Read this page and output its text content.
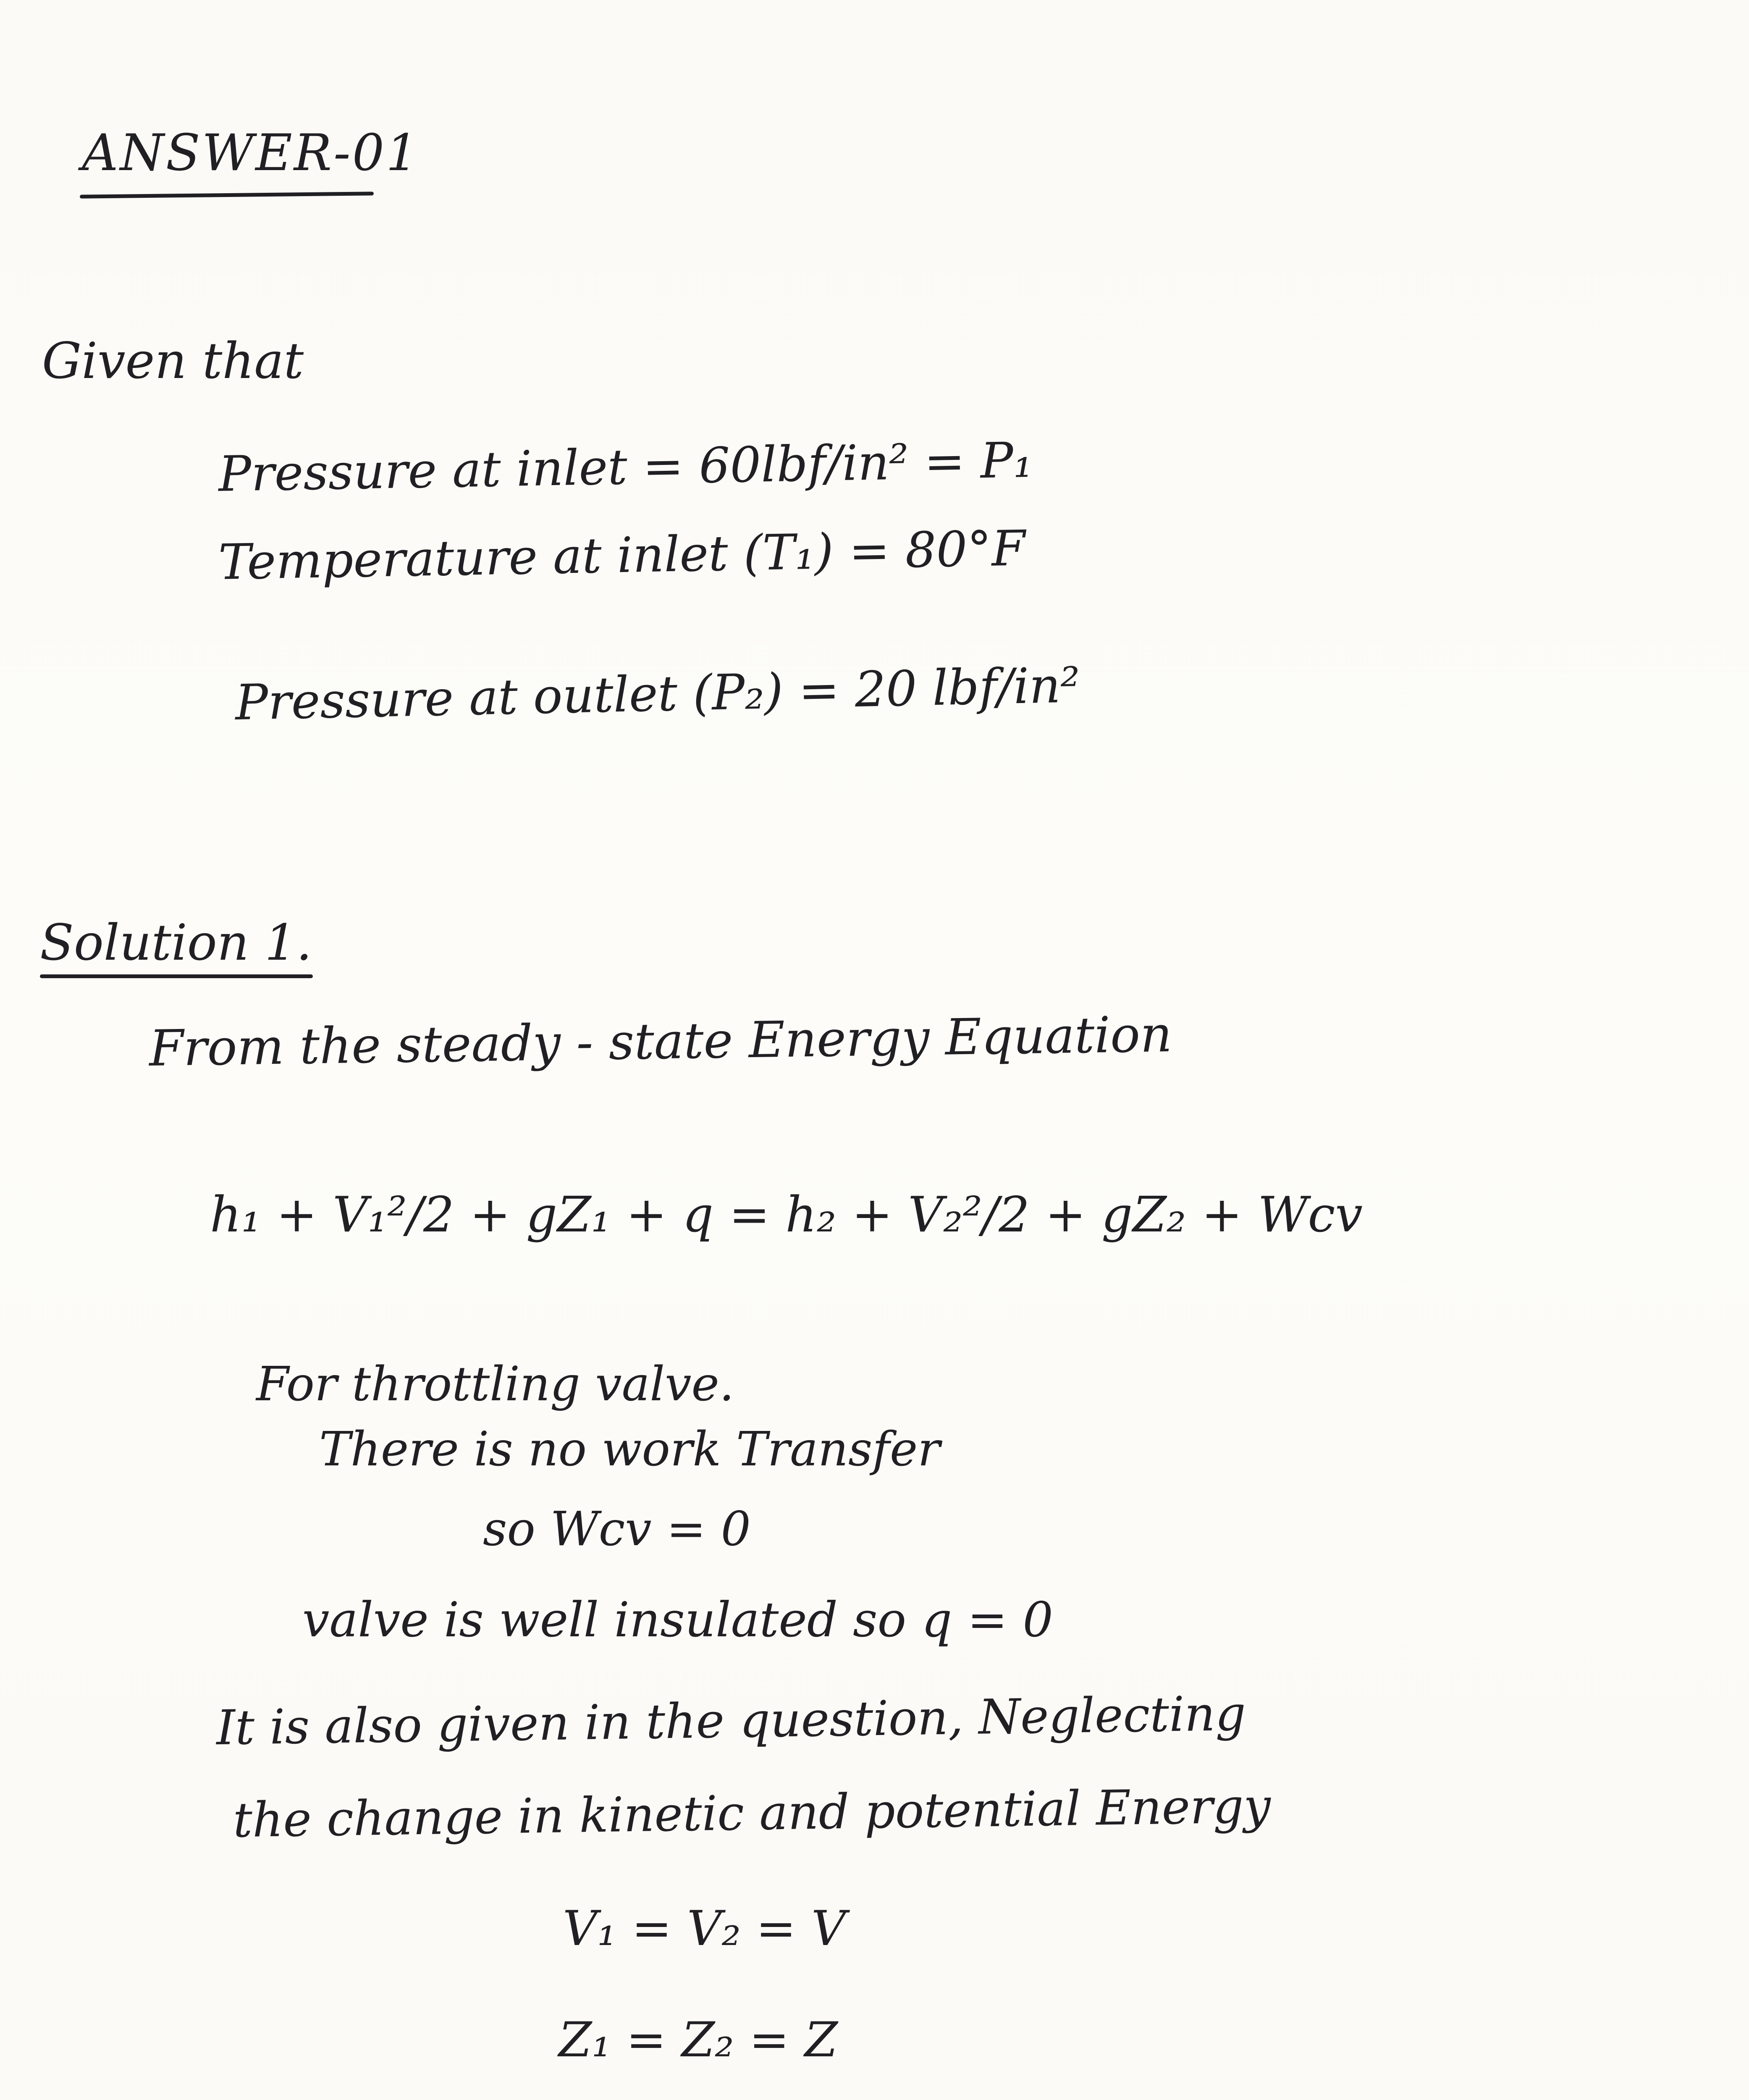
ANSWER-01
Given that
Pressure at inlet = 60lbf/in² = P₁
Temperature at inlet (T₁) = 80°F
Pressure at outlet (P₂) = 20 lbf/in²
Solution 1.
From the steady - state Energy Equation
h₁ + V₁²/2 + gZ₁ + q = h₂ + V₂²/2 + gZ₂ + Wcv
For throttling valve.
There is no work Transfer
so Wcv = 0
valve is well insulated so q = 0
It is also given in the question, Neglecting
the change in kinetic and potential Energy
V₁ = V₂ = V
Z₁ = Z₂ = Z
